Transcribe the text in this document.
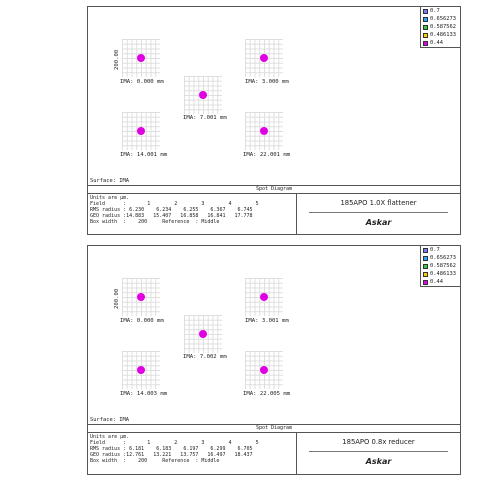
200.00
IMA: 0.000 mm	IMA: 3.000 mm
IMA: 7.001 mm
IMA: 14.001 mm	IMA: 22.001 mm
Surface: IMA
0.7
0.656273
0.587562
0.486133
0.44
Spot Diagram
Units are µm.
Field      :       1        2        3        4        5
RMS radius : 6.230    6.234    6.255    6.367    6.745
GEO radius :14.883   15.407   16.858   16.841   17.778
Box width  :    200     Reference  : Middle
185APO 1.0X flattener
Askar
200.00
IMA: 0.000 mm	IMA: 3.001 mm
IMA: 7.002 mm
IMA: 14.003 mm	IMA: 22.005 mm
Surface: IMA
0.7
0.656273
0.587562
0.486133
0.44
Spot Diagram
Units are µm.
Field      :       1        2        3        4        5
RMS radius : 6.181    6.183    6.197    6.299    6.705
GEO radius :12.761   13.221   13.757   16.497   18.437
Box width  :    200     Reference  : Middle
185APO 0.8x reducer
Askar
